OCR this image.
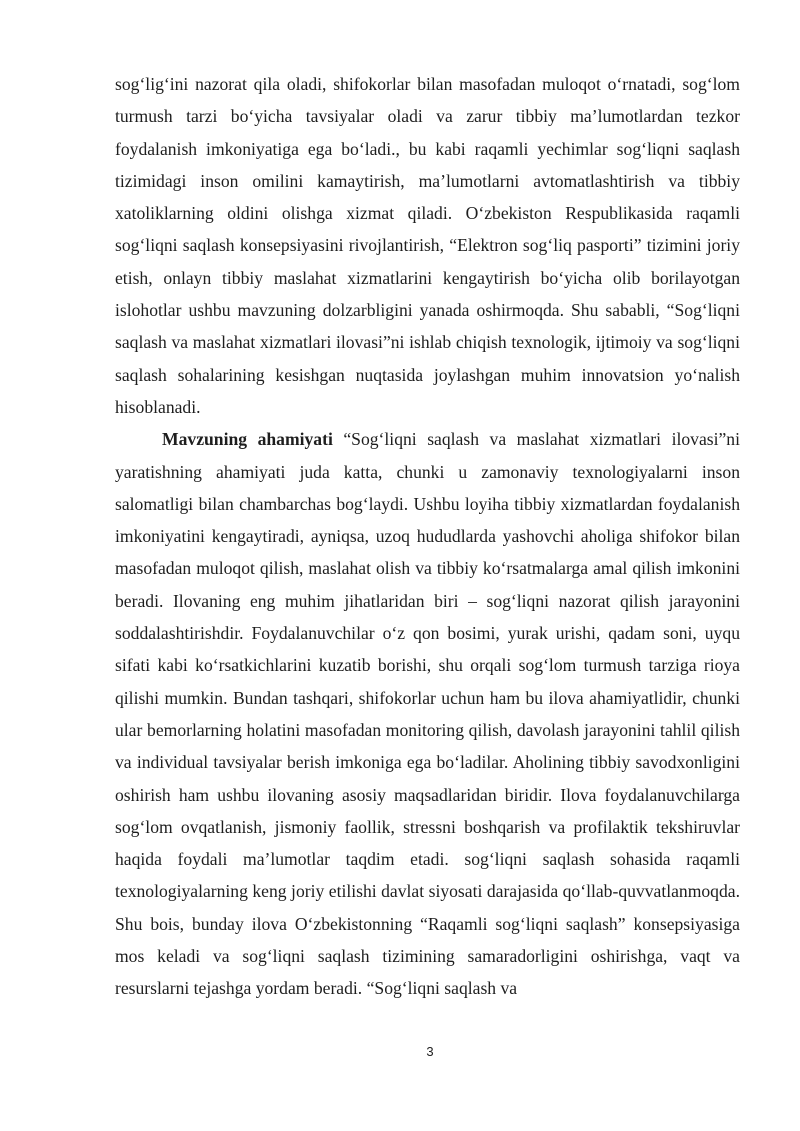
sog‘lig‘ini nazorat qila oladi, shifokorlar bilan masofadan muloqot o‘rnatadi, sog‘lom turmush tarzi bo‘yicha tavsiyalar oladi va zarur tibbiy ma’lumotlardan tezkor foydalanish imkoniyatiga ega bo‘ladi., bu kabi raqamli yechimlar sog‘liqni saqlash tizimidagi inson omilini kamaytirish, ma’lumotlarni avtomatlashtirish va tibbiy xatoliklarning oldini olishga xizmat qiladi. O‘zbekiston Respublikasida raqamli sog‘liqni saqlash konsepsiyasini rivojlantirish, “Elektron sog‘liq pasporti” tizimini joriy etish, onlayn tibbiy maslahat xizmatlarini kengaytirish bo‘yicha olib borilayotgan islohotlar ushbu mavzuning dolzarbligini yanada oshirmoqda. Shu sababli, “Sog‘liqni saqlash va maslahat xizmatlari ilovasi”ni ishlab chiqish texnologik, ijtimoiy va sog‘liqni saqlash sohalarining kesishgan nuqtasida joylashgan muhim innovatsion yo‘nalish hisoblanadi.

Mavzuning ahamiyati “Sog‘liqni saqlash va maslahat xizmatlari ilovasi”ni yaratishning ahamiyati juda katta, chunki u zamonaviy texnologiyalarni inson salomatligi bilan chambarchas bog‘laydi. Ushbu loyiha tibbiy xizmatlardan foydalanish imkoniyatini kengaytiradi, ayniqsa, uzoq hududlarda yashovchi aholiga shifokor bilan masofadan muloqot qilish, maslahat olish va tibbiy ko‘rsatmalarga amal qilish imkonini beradi. Ilovaning eng muhim jihatlaridan biri – sog‘liqni nazorat qilish jarayonini soddalashtirishdir. Foydalanuvchilar o‘z qon bosimi, yurak urishi, qadam soni, uyqu sifati kabi ko‘rsatkichlarini kuzatib borishi, shu orqali sog‘lom turmush tarziga rioya qilishi mumkin. Bundan tashqari, shifokorlar uchun ham bu ilova ahamiyatlidir, chunki ular bemorlarning holatini masofadan monitoring qilish, davolash jarayonini tahlil qilish va individual tavsiyalar berish imkoniga ega bo‘ladilar. Aholining tibbiy savodxonligini oshirish ham ushbu ilovaning asosiy maqsadlaridan biridir. Ilova foydalanuvchilarga sog‘lom ovqatlanish, jismoniy faollik, stressni boshqarish va profilaktik tekshiruvlar haqida foydali ma’lumotlar taqdim etadi. sog‘liqni saqlash sohasida raqamli texnologiyalarning keng joriy etilishi davlat siyosati darajasida qo‘llab-quvvatlanmoqda. Shu bois, bunday ilova O‘zbekistonning “Raqamli sog‘liqni saqlash” konsepsiyasiga mos keladi va sog‘liqni saqlash tizimining samaradorligini oshirishga, vaqt va resurslarni tejashga yordam beradi. “Sog‘liqni saqlash va

3
